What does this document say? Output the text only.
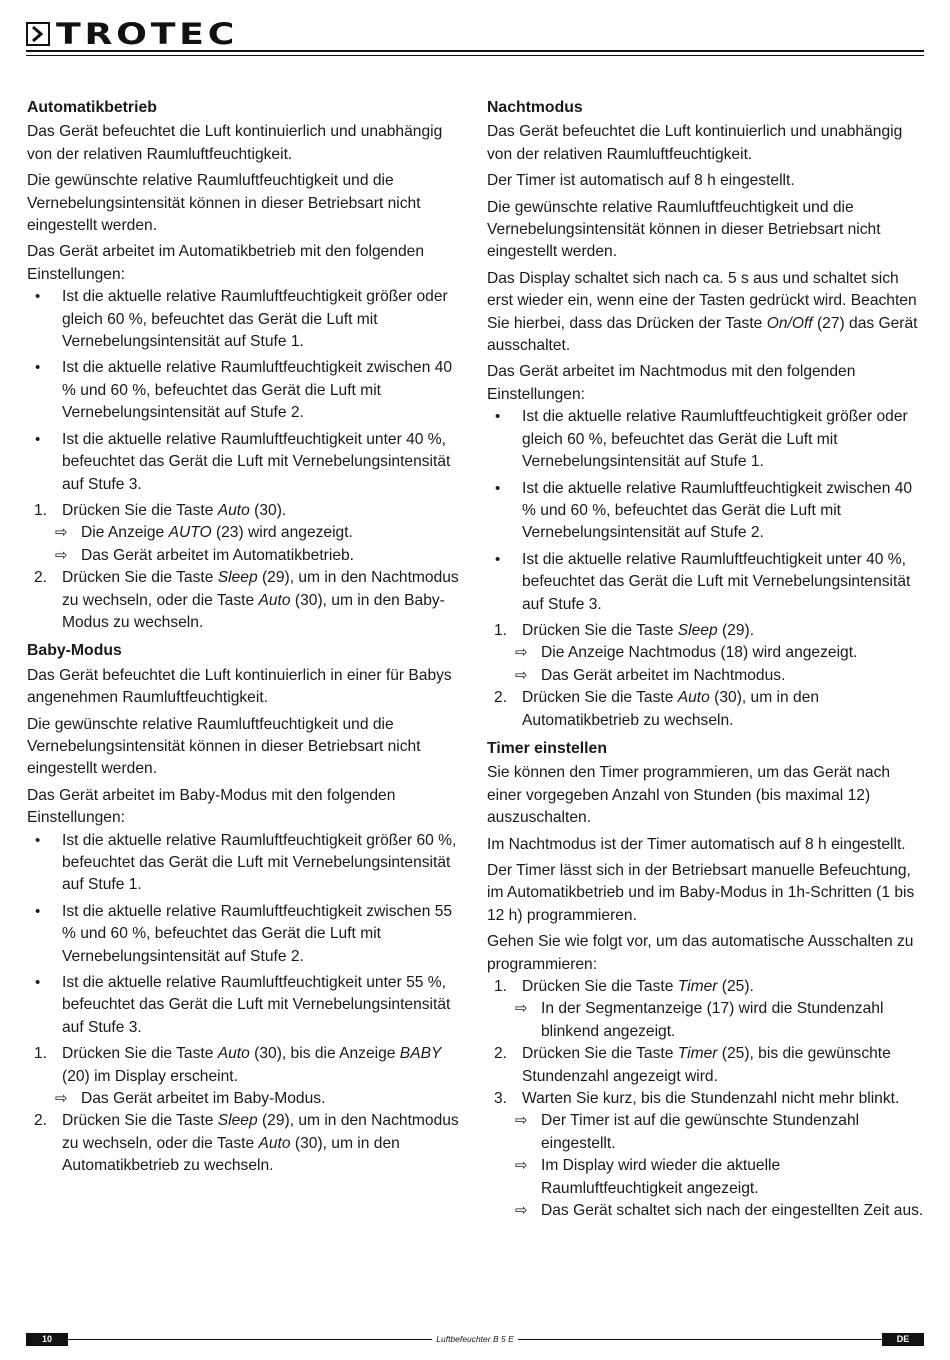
TROTEC
Automatikbetrieb

Das Gerät befeuchtet die Luft kontinuierlich und unabhängig von der relativen Raumluftfeuchtigkeit.

Die gewünschte relative Raumluftfeuchtigkeit und die Vernebelungsintensität können in dieser Betriebsart nicht eingestellt werden.

Das Gerät arbeitet im Automatikbetrieb mit den folgenden Einstellungen:

• Ist die aktuelle relative Raumluftfeuchtigkeit größer oder gleich 60 %, befeuchtet das Gerät die Luft mit Vernebelungsintensität auf Stufe 1.
• Ist die aktuelle relative Raumluftfeuchtigkeit zwischen 40 % und 60 %, befeuchtet das Gerät die Luft mit Vernebelungsintensität auf Stufe 2.
• Ist die aktuelle relative Raumluftfeuchtigkeit unter 40 %, befeuchtet das Gerät die Luft mit Vernebelungsintensität auf Stufe 3.
1. Drücken Sie die Taste Auto (30).
⇨ Die Anzeige AUTO (23) wird angezeigt.
⇨ Das Gerät arbeitet im Automatikbetrieb.
2. Drücken Sie die Taste Sleep (29), um in den Nachtmodus zu wechseln, oder die Taste Auto (30), um in den Baby-Modus zu wechseln.
Baby-Modus

Das Gerät befeuchtet die Luft kontinuierlich in einer für Babys angenehmen Raumluftfeuchtigkeit.

Die gewünschte relative Raumluftfeuchtigkeit und die Vernebelungsintensität können in dieser Betriebsart nicht eingestellt werden.

Das Gerät arbeitet im Baby-Modus mit den folgenden Einstellungen:

• Ist die aktuelle relative Raumluftfeuchtigkeit größer 60 %, befeuchtet das Gerät die Luft mit Vernebelungsintensität auf Stufe 1.
• Ist die aktuelle relative Raumluftfeuchtigkeit zwischen 55 % und 60 %, befeuchtet das Gerät die Luft mit Vernebelungsintensität auf Stufe 2.
• Ist die aktuelle relative Raumluftfeuchtigkeit unter 55 %, befeuchtet das Gerät die Luft mit Vernebelungsintensität auf Stufe 3.
1. Drücken Sie die Taste Auto (30), bis die Anzeige BABY (20) im Display erscheint.
⇨ Das Gerät arbeitet im Baby-Modus.
2. Drücken Sie die Taste Sleep (29), um in den Nachtmodus zu wechseln, oder die Taste Auto (30), um in den Automatikbetrieb zu wechseln.
Nachtmodus

Das Gerät befeuchtet die Luft kontinuierlich und unabhängig von der relativen Raumluftfeuchtigkeit.

Der Timer ist automatisch auf 8 h eingestellt.

Die gewünschte relative Raumluftfeuchtigkeit und die Vernebelungsintensität können in dieser Betriebsart nicht eingestellt werden.

Das Display schaltet sich nach ca. 5 s aus und schaltet sich erst wieder ein, wenn eine der Tasten gedrückt wird. Beachten Sie hierbei, dass das Drücken der Taste On/Off (27) das Gerät ausschaltet.

Das Gerät arbeitet im Nachtmodus mit den folgenden Einstellungen:

• Ist die aktuelle relative Raumluftfeuchtigkeit größer oder gleich 60 %, befeuchtet das Gerät die Luft mit Vernebelungsintensität auf Stufe 1.
• Ist die aktuelle relative Raumluftfeuchtigkeit zwischen 40 % und 60 %, befeuchtet das Gerät die Luft mit Vernebelungsintensität auf Stufe 2.
• Ist die aktuelle relative Raumluftfeuchtigkeit unter 40 %, befeuchtet das Gerät die Luft mit Vernebelungsintensität auf Stufe 3.
1. Drücken Sie die Taste Sleep (29).
⇨ Die Anzeige Nachtmodus (18) wird angezeigt.
⇨ Das Gerät arbeitet im Nachtmodus.
2. Drücken Sie die Taste Auto (30), um in den Automatikbetrieb zu wechseln.
Timer einstellen

Sie können den Timer programmieren, um das Gerät nach einer vorgegeben Anzahl von Stunden (bis maximal 12) auszuschalten.

Im Nachtmodus ist der Timer automatisch auf 8 h eingestellt.

Der Timer lässt sich in der Betriebsart manuelle Befeuchtung, im Automatikbetrieb und im Baby-Modus in 1h-Schritten (1 bis 12 h) programmieren.

Gehen Sie wie folgt vor, um das automatische Ausschalten zu programmieren:

1. Drücken Sie die Taste Timer (25).
⇨ In der Segmentanzeige (17) wird die Stundenzahl blinkend angezeigt.
2. Drücken Sie die Taste Timer (25), bis die gewünschte Stundenzahl angezeigt wird.
3. Warten Sie kurz, bis die Stundenzahl nicht mehr blinkt.
⇨ Der Timer ist auf die gewünschte Stundenzahl eingestellt.
⇨ Im Display wird wieder die aktuelle Raumluftfeuchtigkeit angezeigt.
⇨ Das Gerät schaltet sich nach der eingestellten Zeit aus.
Luftbefeuchter B 5 E
10	DE
